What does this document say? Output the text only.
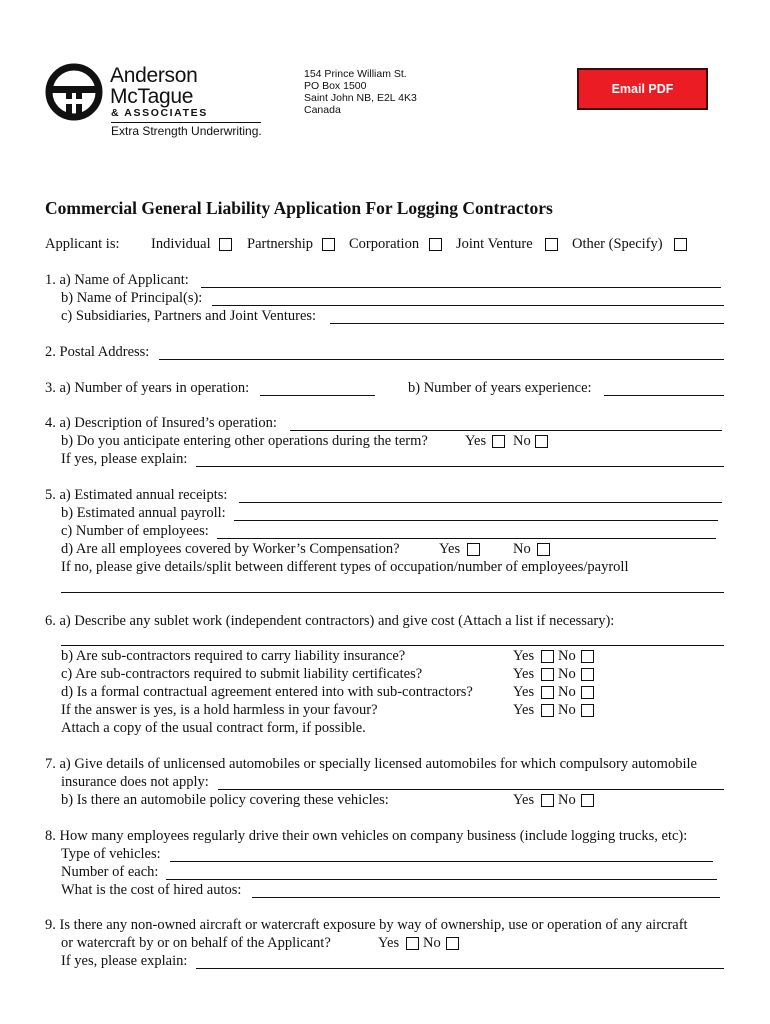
Anderson
McTague
& ASSOCIATES
Extra Strength Underwriting.
154 Prince William St.
PO Box 1500
Saint John NB, E2L 4K3
Canada
Email PDF
Commercial General Liability Application For Logging Contractors
Applicant is: Individual	Partnership Corporation	Joint Venture	Other (Specify)
1. a) Name of Applicant:
b) Name of Principal(s):
c) Subsidiaries, Partners and Joint Ventures:
2. Postal Address:
3. a) Number of years in operation:	b) Number of years experience:
4. a) Description of Insured’s operation:
b) Do you anticipate entering other operations during the term?	Yes No
If yes, please explain:
5. a) Estimated annual receipts:
b) Estimated annual payroll:
c) Number of employees:
d) Are all employees covered by Worker’s Compensation?	Yes	No
If no, please give details/split between different types of occupation/number of employees/payroll
6. a) Describe any sublet work (independent contractors) and give cost (Attach a list if necessary):
b) Are sub-contractors required to carry liability insurance?	Yes No
c) Are sub-contractors required to submit liability certificates?	Yes No
d) Is a formal contractual agreement entered into with sub-contractors?	Yes No
If the answer is yes, is a hold harmless in your favour?	Yes No
Attach a copy of the usual contract form, if possible.
7. a) Give details of unlicensed automobiles or specially licensed automobiles for which compulsory automobile
insurance does not apply:
b) Is there an automobile policy covering these vehicles:	Yes No
8. How many employees regularly drive their own vehicles on company business (include logging trucks, etc):
Type of vehicles:
Number of each:
What is the cost of hired autos:
9. Is there any non-owned aircraft or watercraft exposure by way of ownership, use or operation of any aircraft
or watercraft by or on behalf of the Applicant?	Yes No
If yes, please explain:
